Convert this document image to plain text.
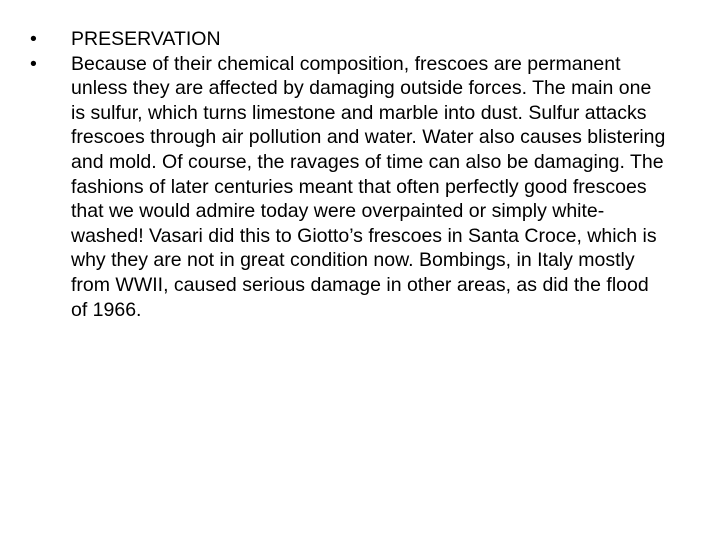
•	PRESERVATION
•	Because of their chemical composition, frescoes are permanent unless they are affected by damaging outside forces. The main one is sulfur, which turns limestone and marble into dust. Sulfur attacks frescoes through air pollution and water. Water also causes blistering and mold. Of course, the ravages of time can also be damaging. The fashions of later centuries meant that often perfectly good frescoes that we would admire today were overpainted or simply white-washed! Vasari did this to Giotto’s frescoes in Santa Croce, which is why they are not in great condition now. Bombings, in Italy mostly from WWII, caused serious damage in other areas, as did the flood of 1966.
